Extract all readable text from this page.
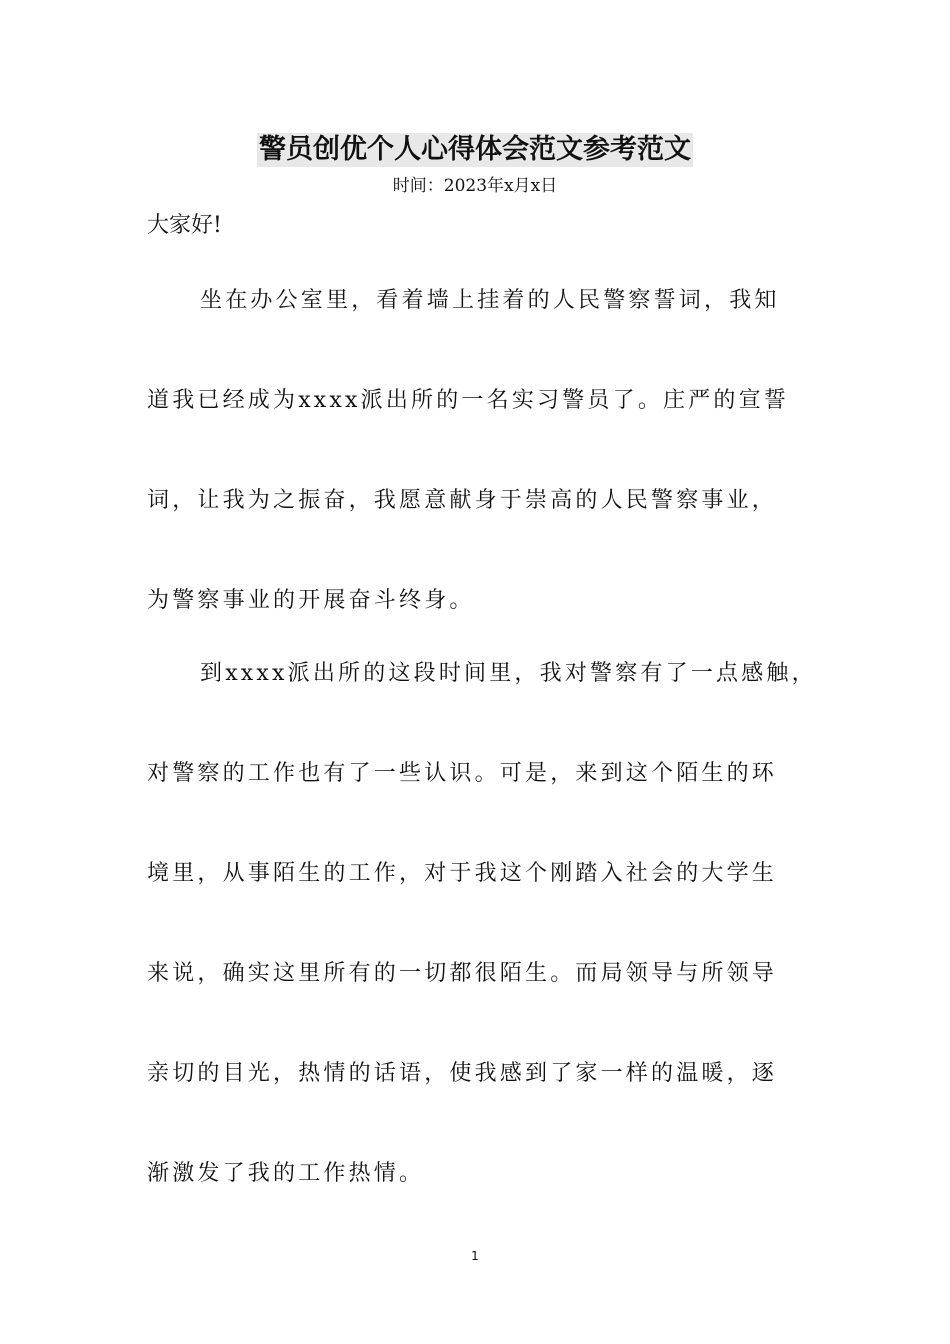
警员创优个人心得体会范文参考范文
时间：2023年x月x日
大家好!
坐在办公室里，看着墙上挂着的人民警察誓词，我知
道我已经成为xxxx派出所的一名实习警员了。庄严的宣誓
词，让我为之振奋，我愿意献身于崇高的人民警察事业，
为警察事业的开展奋斗终身。
到xxxx派出所的这段时间里，我对警察有了一点感触，
对警察的工作也有了一些认识。可是，来到这个陌生的环
境里，从事陌生的工作，对于我这个刚踏入社会的大学生
来说，确实这里所有的一切都很陌生。而局领导与所领导
亲切的目光，热情的话语，使我感到了家一样的温暖，逐
渐激发了我的工作热情。
1
